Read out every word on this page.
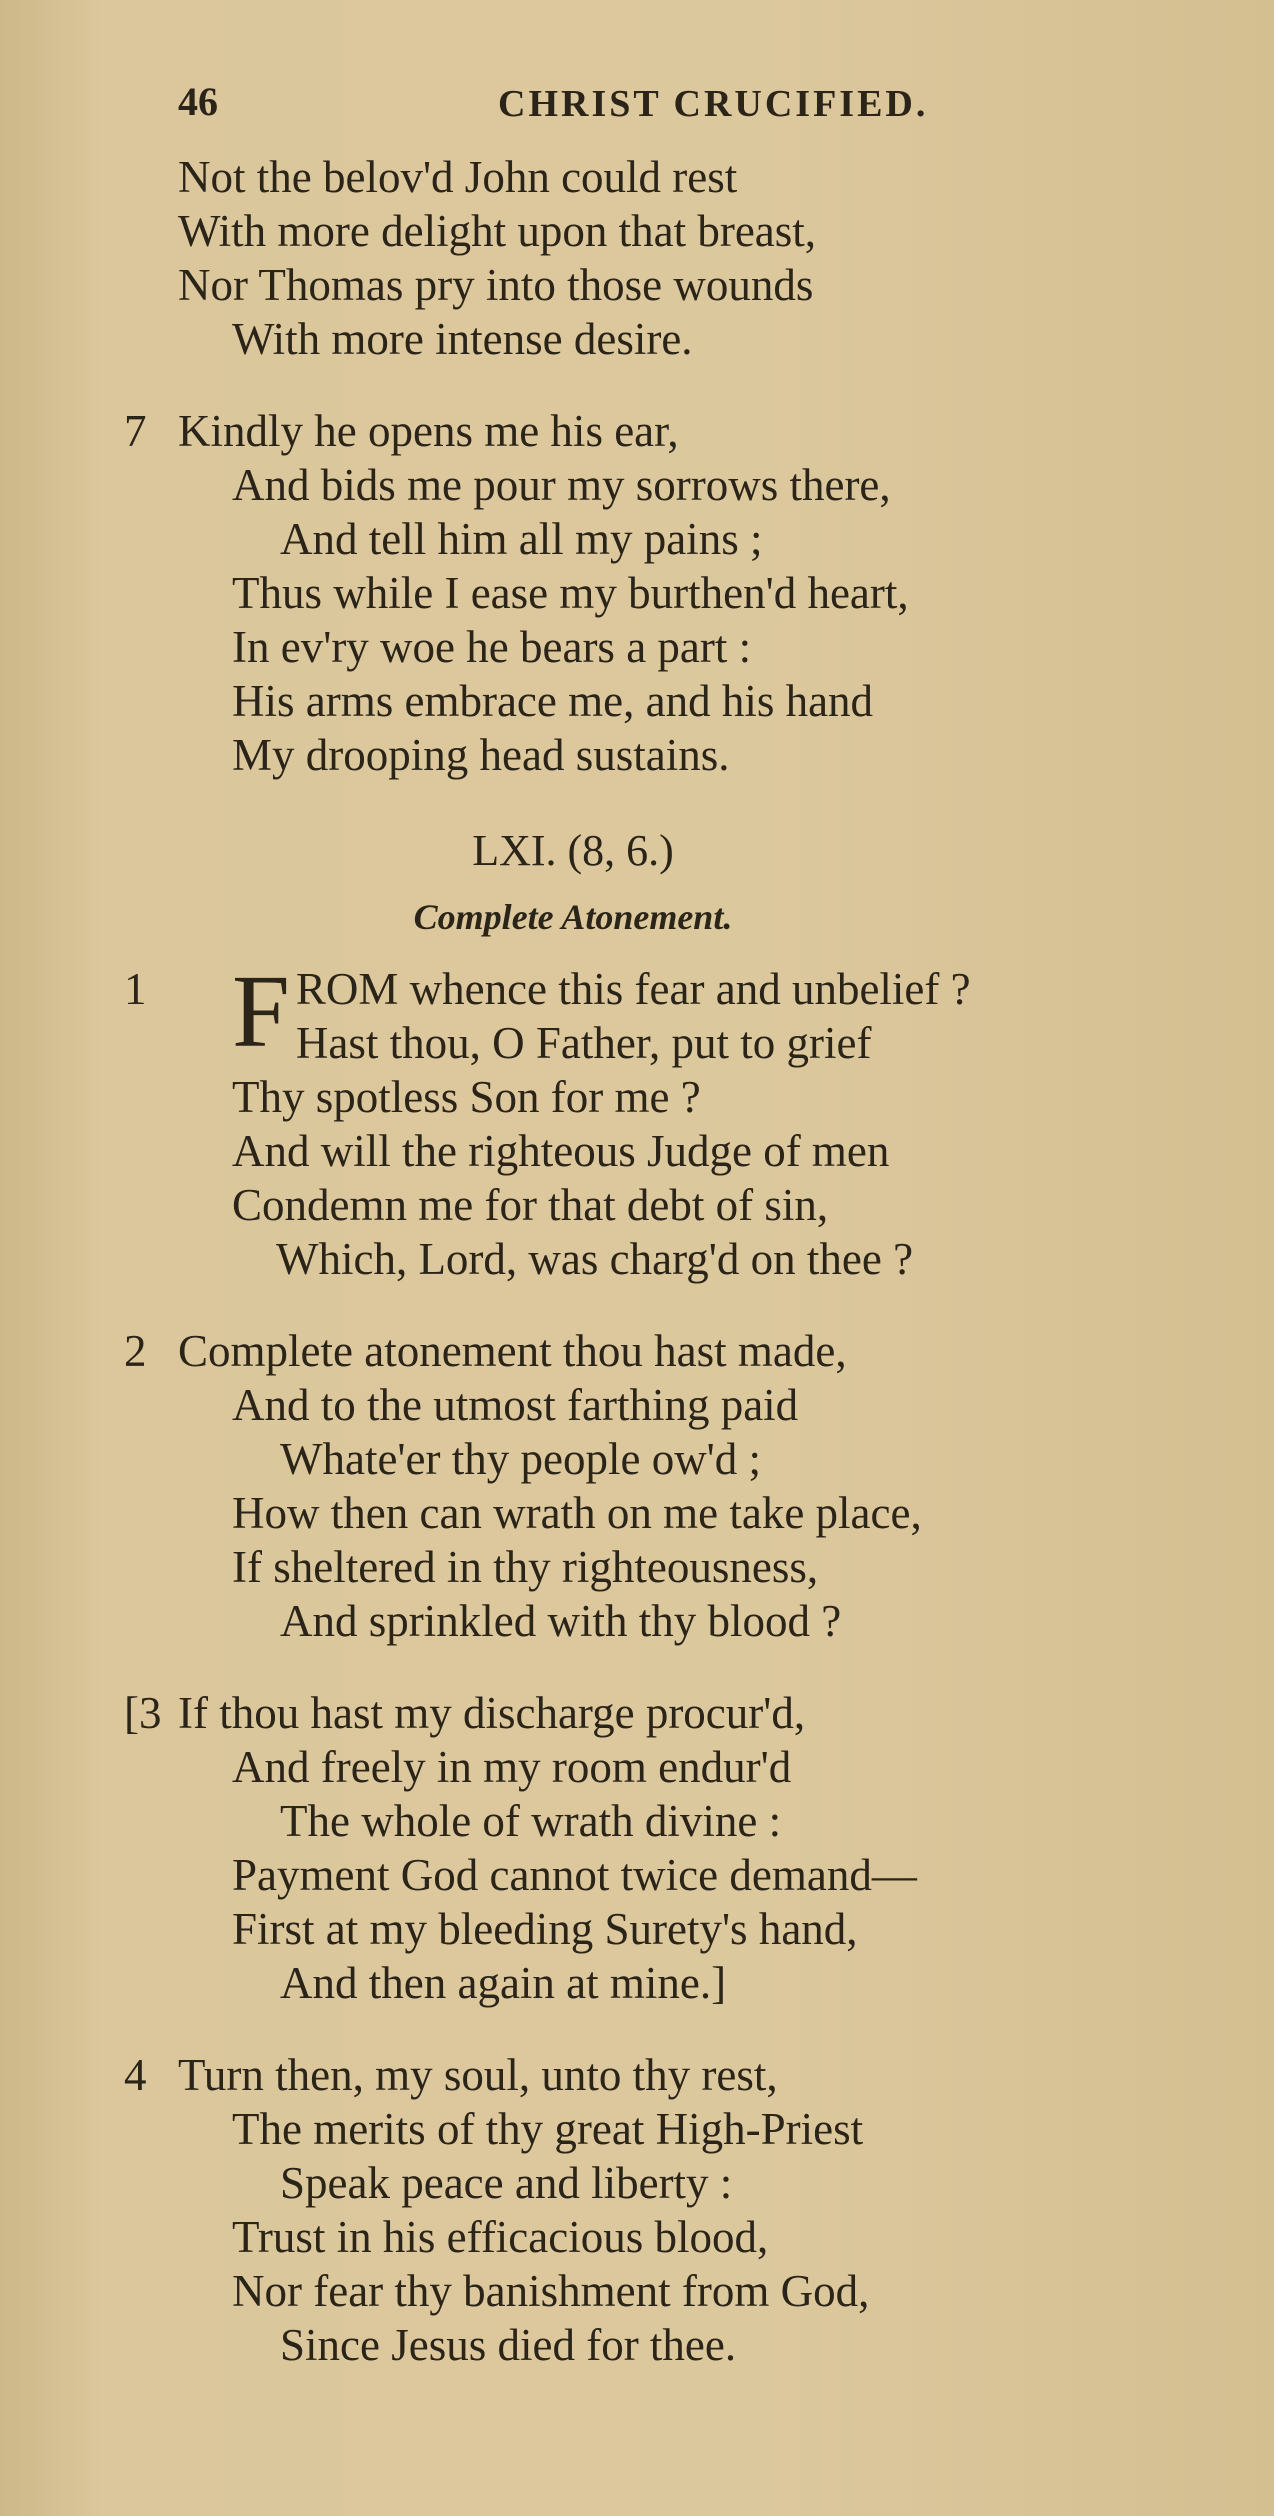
46	CHRIST CRUCIFIED.
Not the belov'd John could rest
With more delight upon that breast,
Nor Thomas pry into those wounds
With more intense desire.
7 Kindly he opens me his ear,
And bids me pour my sorrows there,
And tell him all my pains ;
Thus while I ease my burthen'd heart,
In ev'ry woe he bears a part :
His arms embrace me, and his hand
My drooping head sustains.
LXI. (8, 6.)
Complete Atonement.
1 F ROM whence this fear and unbelief ?
Hast thou, O Father, put to grief
Thy spotless Son for me ?
And will the righteous Judge of men
Condemn me for that debt of sin,
Which, Lord, was charg'd on thee ?
2 Complete atonement thou hast made,
And to the utmost farthing paid
Whate'er thy people ow'd ;
How then can wrath on me take place,
If sheltered in thy righteousness,
And sprinkled with thy blood ?
[3 If thou hast my discharge procur'd,
And freely in my room endur'd
The whole of wrath divine :
Payment God cannot twice demand—
First at my bleeding Surety's hand,
And then again at mine.]
4 Turn then, my soul, unto thy rest,
The merits of thy great High-Priest
Speak peace and liberty :
Trust in his efficacious blood,
Nor fear thy banishment from God,
Since Jesus died for thee.
